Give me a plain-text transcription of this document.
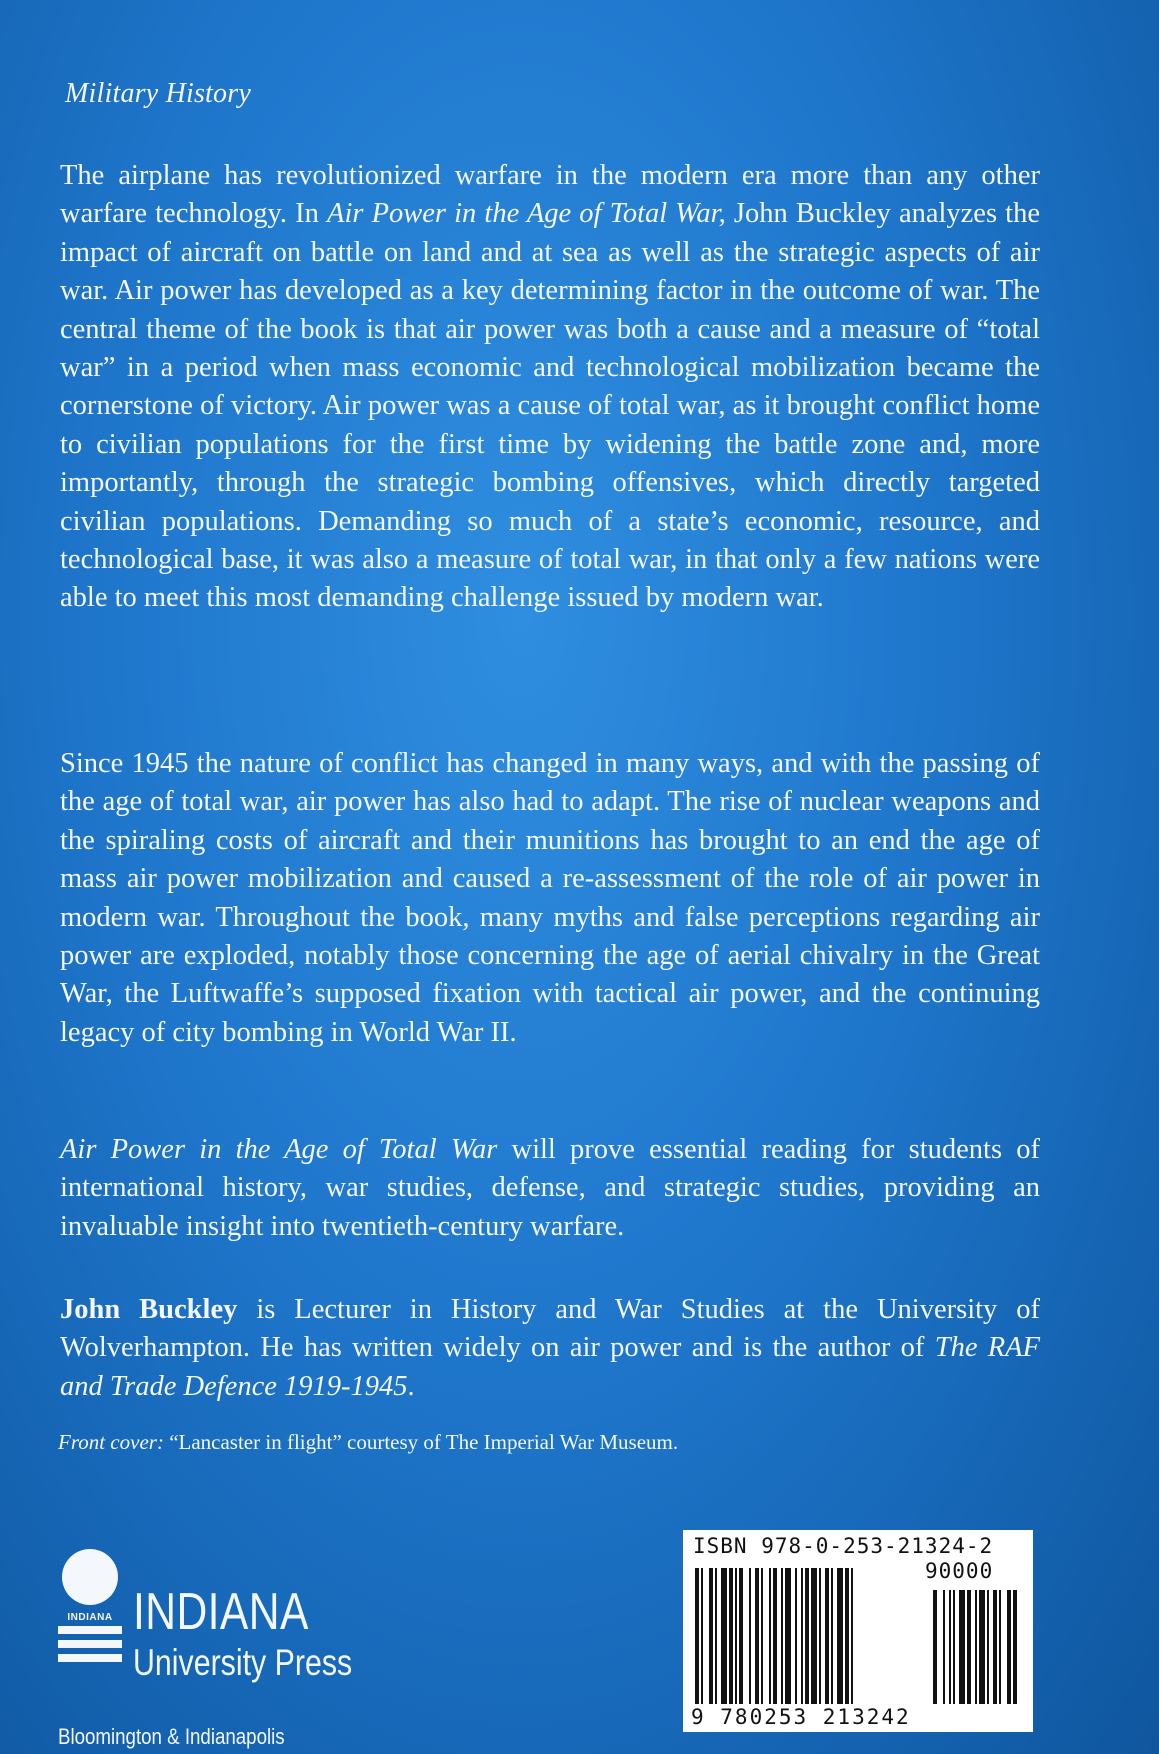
Military History

The airplane has revolutionized warfare in the modern era more than any other warfare technology. In Air Power in the Age of Total War, John Buckley analyzes the impact of aircraft on battle on land and at sea as well as the strategic aspects of air war. Air power has developed as a key determining factor in the outcome of war. The central theme of the book is that air power was both a cause and a measure of “total war” in a period when mass economic and technological mobilization became the cornerstone of victory. Air power was a cause of total war, as it brought conflict home to civilian populations for the first time by widening the battle zone and, more importantly, through the strategic bombing offensives, which directly targeted civilian populations. Demanding so much of a state’s economic, resource, and technological base, it was also a measure of total war, in that only a few nations were able to meet this most demanding challenge issued by modern war.

Since 1945 the nature of conflict has changed in many ways, and with the passing of the age of total war, air power has also had to adapt. The rise of nuclear weapons and the spiraling costs of aircraft and their munitions has brought to an end the age of mass air power mobilization and caused a re-assessment of the role of air power in modern war. Throughout the book, many myths and false perceptions regarding air power are exploded, notably those concerning the age of aerial chivalry in the Great War, the Luftwaffe’s supposed fixation with tactical air power, and the continuing legacy of city bombing in World War II.

Air Power in the Age of Total War will prove essential reading for students of international history, war studies, defense, and strategic studies, providing an invaluable insight into twentieth-century warfare.

John Buckley is Lecturer in History and War Studies at the University of Wolverhampton. He has written widely on air power and is the author of The RAF and Trade Defence 1919-1945.

Front cover: “Lancaster in flight” courtesy of The Imperial War Museum.
INDIANA INDIANA
University Press
Bloomington & Indianapolis
ISBN 978-0-253-21324-2
90000
9 780253 213242
